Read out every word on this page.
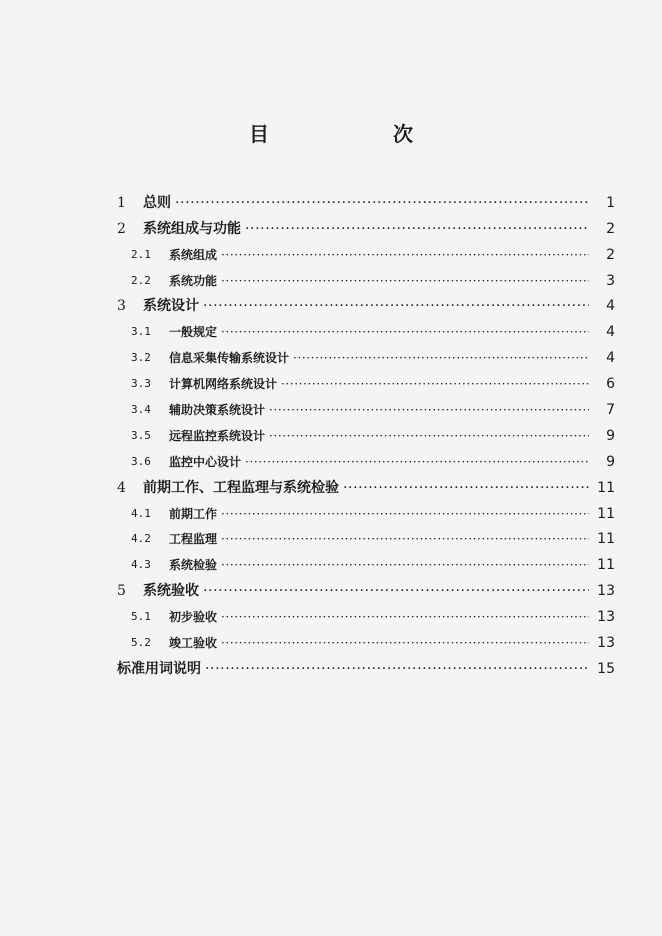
目　次
1	总则 ·····	1
2	系统组成与功能 ·····	2
2.1	系统组成 ·····	2
2.2	系统功能 ·····	3
3	系统设计 ·····	4
3.1	一般规定 ·····	4
3.2	信息采集传输系统设计 ·····	4
3.3	计算机网络系统设计 ·····	6
3.4	辅助决策系统设计 ·····	7
3.5	远程监控系统设计 ·····	9
3.6	监控中心设计 ·····	9
4	前期工作、工程监理与系统检验 ·····	11
4.1	前期工作 ·····	11
4.2	工程监理 ·····	11
4.3	系统检验 ·····	11
5	系统验收 ·····	13
5.1	初步验收 ·····	13
5.2	竣工验收 ·····	13
标准用词说明 ·····	15
